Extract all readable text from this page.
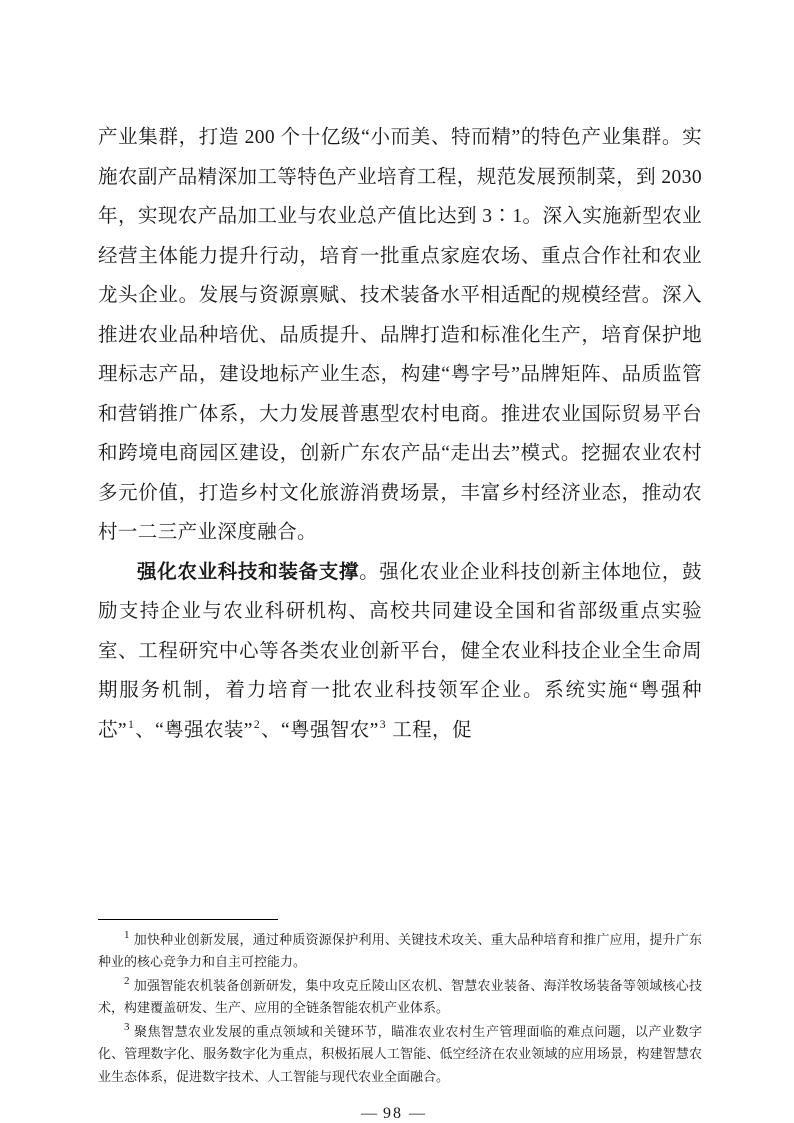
产业集群，打造 200 个十亿级“小而美、特而精”的特色产业集群。实施农副产品精深加工等特色产业培育工程，规范发展预制菜，到 2030 年，实现农产品加工业与农业总产值比达到 3∶1。深入实施新型农业经营主体能力提升行动，培育一批重点家庭农场、重点合作社和农业龙头企业。发展与资源禀赋、技术装备水平相适配的规模经营。深入推进农业品种培优、品质提升、品牌打造和标准化生产，培育保护地理标志产品，建设地标产业生态，构建“粤字号”品牌矩阵、品质监管和营销推广体系，大力发展普惠型农村电商。推进农业国际贸易平台和跨境电商园区建设，创新广东农产品“走出去”模式。挖掘农业农村多元价值，打造乡村文化旅游消费场景，丰富乡村经济业态，推动农村一二三产业深度融合。

强化农业科技和装备支撑。强化农业企业科技创新主体地位，鼓励支持企业与农业科研机构、高校共同建设全国和省部级重点实验室、工程研究中心等各类农业创新平台，健全农业科技企业全生命周期服务机制，着力培育一批农业科技领军企业。系统实施“粤强种芯”$^1$、“粤强农装”$^2$、“粤强智农”$^3$ 工程，促

$^1$ 加快种业创新发展，通过种质资源保护利用、关键技术攻关、重大品种培育和推广应用，提升广东种业的核心竞争力和自主可控能力。

$^2$ 加强智能农机装备创新研发，集中攻克丘陵山区农机、智慧农业装备、海洋牧场装备等领域核心技术，构建覆盖研发、生产、应用的全链条智能农机产业体系。

$^3$ 聚焦智慧农业发展的重点领域和关键环节，瞄准农业农村生产管理面临的难点问题，以产业数字化、管理数字化、服务数字化为重点，积极拓展人工智能、低空经济在农业领域的应用场景，构建智慧农业生态体系，促进数字技术、人工智能与现代农业全面融合。

— 98 —
